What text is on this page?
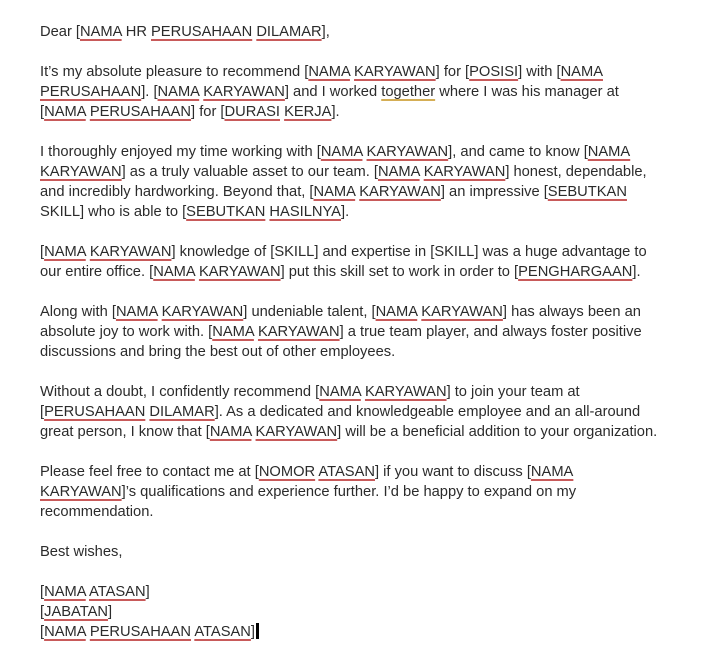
Dear [NAMA HR PERUSAHAAN DILAMAR],
It’s my absolute pleasure to recommend [NAMA KARYAWAN] for [POSISI] with [NAMA
PERUSAHAAN]. [NAMA KARYAWAN] and I worked together where I was his manager at
[NAMA PERUSAHAAN] for [DURASI KERJA].
I thoroughly enjoyed my time working with [NAMA KARYAWAN], and came to know [NAMA
KARYAWAN] as a truly valuable asset to our team. [NAMA KARYAWAN] honest, dependable,
and incredibly hardworking. Beyond that, [NAMA KARYAWAN] an impressive [SEBUTKAN
SKILL] who is able to [SEBUTKAN HASILNYA].
[NAMA KARYAWAN] knowledge of [SKILL] and expertise in [SKILL] was a huge advantage to
our entire office. [NAMA KARYAWAN] put this skill set to work in order to [PENGHARGAAN].
Along with [NAMA KARYAWAN] undeniable talent, [NAMA KARYAWAN] has always been an
absolute joy to work with. [NAMA KARYAWAN] a true team player, and always foster positive
discussions and bring the best out of other employees.
Without a doubt, I confidently recommend [NAMA KARYAWAN] to join your team at
[PERUSAHAAN DILAMAR]. As a dedicated and knowledgeable employee and an all-around
great person, I know that [NAMA KARYAWAN] will be a beneficial addition to your organization.
Please feel free to contact me at [NOMOR ATASAN] if you want to discuss [NAMA
KARYAWAN]’s qualifications and experience further. I’d be happy to expand on my
recommendation.
Best wishes,
[NAMA ATASAN]
[JABATAN]
[NAMA PERUSAHAAN ATASAN]
